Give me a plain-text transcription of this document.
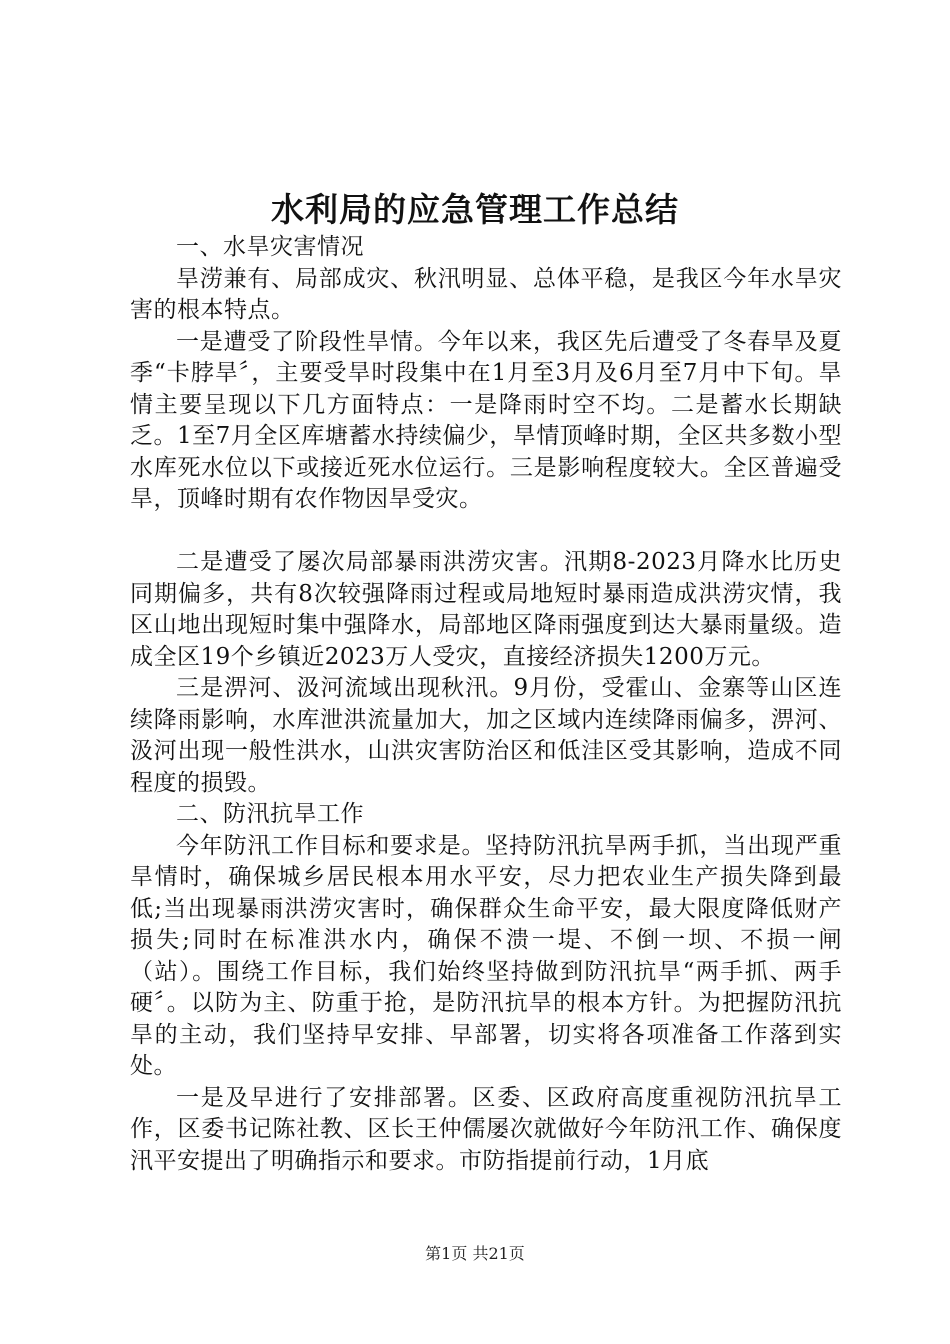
水利局的应急管理工作总结

一、水旱灾害情况

旱涝兼有、局部成灾、秋汛明显、总体平稳，是我区今年水旱灾害的根本特点。

一是遭受了阶段性旱情。今年以来，我区先后遭受了冬春旱及夏季“卡脖旱〞，主要受旱时段集中在1月至3月及6月至7月中下旬。旱情主要呈现以下几方面特点：一是降雨时空不均。二是蓄水长期缺乏。1至7月全区库塘蓄水持续偏少，旱情顶峰时期，全区共多数小型水库死水位以下或接近死水位运行。三是影响程度较大。全区普遍受旱，顶峰时期有农作物因旱受灾。

二是遭受了屡次局部暴雨洪涝灾害。汛期8-2023月降水比历史同期偏多，共有8次较强降雨过程或局地短时暴雨造成洪涝灾情，我区山地出现短时集中强降水，局部地区降雨强度到达大暴雨量级。造成全区19个乡镇近2023万人受灾，直接经济损失1200万元。

三是淠河、汲河流域出现秋汛。9月份，受霍山、金寨等山区连续降雨影响，水库泄洪流量加大，加之区域内连续降雨偏多，淠河、汲河出现一般性洪水，山洪灾害防治区和低洼区受其影响，造成不同程度的损毁。

二、防汛抗旱工作

今年防汛工作目标和要求是。坚持防汛抗旱两手抓，当出现严重旱情时，确保城乡居民根本用水平安，尽力把农业生产损失降到最低;当出现暴雨洪涝灾害时，确保群众生命平安，最大限度降低财产损失;同时在标准洪水内，确保不溃一堤、不倒一坝、不损一闸（站）。围绕工作目标，我们始终坚持做到防汛抗旱“两手抓、两手硬〞。以防为主、防重于抢，是防汛抗旱的根本方针。为把握防汛抗旱的主动，我们坚持早安排、早部署，切实将各项准备工作落到实处。

一是及早进行了安排部署。区委、区政府高度重视防汛抗旱工作，区委书记陈社教、区长王仲儒屡次就做好今年防汛工作、确保度汛平安提出了明确指示和要求。市防指提前行动，1月底

第1页 共21页
